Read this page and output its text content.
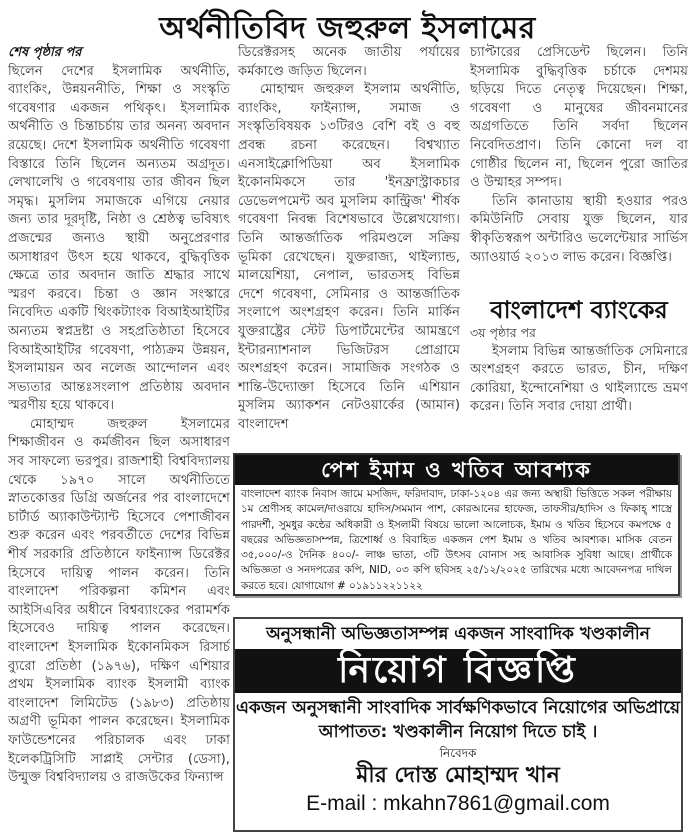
অর্থনীতিবিদ জহুরুল ইসলামের
শেষ পৃষ্ঠার পর

ছিলেন দেশের ইসলামিক অর্থনীতি, ব্যাংকিং, উন্নয়ননীতি, শিক্ষা ও সংস্কৃতি গবেষণার একজন পথিকৃৎ। ইসলামিক অর্থনীতি ও চিন্তাচর্চায় তার অনন্য অবদান রয়েছে। দেশে ইসলামিক অর্থনীতি গবেষণা বিস্তারে তিনি ছিলেন অন্যতম অগ্রদূত। লেখালেখি ও গবেষণায় তার জীবন ছিল সমৃদ্ধ। মুসলিম সমাজকে এগিয়ে নেয়ার জন্য তার দূরদৃষ্টি, নিষ্ঠা ও শ্রেষ্ঠত্ব ভবিষ্যৎ প্রজন্মের জন্যও স্থায়ী অনুপ্রেরণার অসাধারণ উৎস হয়ে থাকবে, বুদ্ধিবৃত্তিক ক্ষেত্রে তার অবদান জাতি শ্রদ্ধার সাথে স্মরণ করবে। চিন্তা ও জ্ঞান সংস্কারে নিবেদিত একটি থিংকট্যাংক বিআইআইটির অন্যতম স্বপ্নদ্রষ্টা ও সহপ্রতিষ্ঠাতা হিসেবে বিআইআইটির গবেষণা, পাঠ্যক্রম উন্নয়ন, ইসলামায়ন অব নলেজ আন্দোলন এবং সভ্যতার আন্তঃসংলাপ প্রতিষ্ঠায় অবদান স্মরণীয় হয়ে থাকবে।

মোহাম্মদ জহুরুল ইসলামের শিক্ষাজীবন ও কর্মজীবন ছিল অসাধারণ সব সাফল্যে ভরপুর। রাজশাহী বিশ্ববিদ্যালয় থেকে ১৯৭০ সালে অর্থনীতিতে স্নাতকোত্তর ডিগ্রি অর্জনের পর বাংলাদেশে চার্টার্ড অ্যাকাউন্ট্যান্ট হিসেবে পেশাজীবন শুরু করেন এবং পরবর্তীতে দেশের বিভিন্ন শীর্ষ সরকারি প্রতিষ্ঠানে ফাইন্যান্স ডিরেক্টর হিসেবে দায়িত্ব পালন করেন। তিনি বাংলাদেশ পরিকল্পনা কমিশন এবং আইসিএবির অধীনে বিশ্বব্যাংকের পরামর্শক হিসেবেও দায়িত্ব পালন করেছেন। বাংলাদেশ ইসলামিক ইকোনমিকস রিসার্চ ব্যুরো প্রতিষ্ঠা (১৯৭৬), দক্ষিণ এশিয়ার প্রথম ইসলামিক ব্যাংক ইসলামী ব্যাংক বাংলাদেশ লিমিটেড (১৯৮৩) প্রতিষ্ঠায় অগ্রণী ভূমিকা পালন করেছেন। ইসলামিক ফাউন্ডেশনের পরিচালক এবং ঢাকা ইলেকট্রিসিটি সাপ্লাই সেন্টার (ডেসা), উন্মুক্ত বিশ্ববিদ্যালয় ও রাজউকের ফিন্যান্স

ডিরেক্টরসহ অনেক জাতীয় পর্যায়ের কর্মকাণ্ডে জড়িত ছিলেন।

মোহাম্মদ জহুরুল ইসলাম অর্থনীতি, ব্যাংকিং, ফাইন্যান্স, সমাজ ও সংস্কৃতিবিষয়ক ১৩টিরও বেশি বই ও বহু প্রবন্ধ রচনা করেছেন। বিশ্বখ্যাত এনসাইক্লোপিডিয়া অব ইসলামিক ইকোনমিকসে তার 'ইনফ্রাস্ট্রাকচার ডেভেলপমেন্ট অব মুসলিম কান্ট্রিজ' শীর্ষক গবেষণা নিবন্ধ বিশেষভাবে উল্লেখযোগ্য। তিনি আন্তর্জাতিক পরিমণ্ডলে সক্রিয় ভূমিকা রেখেছেন। যুক্তরাজ্য, থাইল্যান্ড, মালয়েশিয়া, নেপাল, ভারতসহ বিভিন্ন দেশে গবেষণা, সেমিনার ও আন্তর্জাতিক সংলাপে অংশগ্রহণ করেন। তিনি মার্কিন যুক্তরাষ্ট্রের স্টেট ডিপার্টমেন্টের আমন্ত্রণে ইন্টারন্যাশনাল ভিজিটরস প্রোগ্রামে অংশগ্রহণ করেন। সামাজিক সংগঠক ও শান্তি-উদ্যোক্তা হিসেবে তিনি এশিয়ান মুসলিম অ্যাকশন নেটওয়ার্কের (আমান) বাংলাদেশ

চ্যাপ্টারের প্রেসিডেন্ট ছিলেন। তিনি ইসলামিক বুদ্ধিবৃত্তিক চর্চাকে দেশময় ছড়িয়ে দিতে নেতৃত্ব দিয়েছেন। শিক্ষা, গবেষণা ও মানুষের জীবনমানের অগ্রগতিতে তিনি সর্বদা ছিলেন নিবেদিতপ্রাণ। তিনি কোনো দল বা গোষ্ঠীর ছিলেন না, ছিলেন পুরো জাতির ও উম্মাহর সম্পদ।

তিনি কানাডায় স্থায়ী হওয়ার পরও কমিউনিটি সেবায় যুক্ত ছিলেন, যার স্বীকৃতিস্বরূপ অন্টারিও ভলেন্টেয়ার সার্ভিস অ্যাওয়ার্ড ২০১৩ লাভ করেন। বিজ্ঞপ্তি।

বাংলাদেশ ব্যাংকের
৩য় পৃষ্ঠার পর

ইসলাম বিভিন্ন আন্তর্জাতিক সেমিনারে অংশগ্রহণ করতে ভারত, চীন, দক্ষিণ কোরিয়া, ইন্দোনেশিয়া ও থাইল্যান্ডে ভ্রমণ করেন। তিনি সবার দোয়া প্রার্থী।

পেশ ইমাম ও খতিব আবশ্যক
বাংলাদেশ ব্যাংক নিবাস জামে মসজিদ, ফরিদাবাদ, ঢাকা-১২০৪ এর জন্য অস্থায়ী ভিত্তিতে সকল পরীক্ষায় ১ম শ্রেণীসহ কামেল/দাওরায়ে হাদিস/সমমান পাশ, কোরআনের হাফেজ, তাফসীর/হাদিস ও ফিকাহ্ শাস্ত্রে পারদর্শী, সুমধুর কন্ঠের অধিকারী ও ইসলামী বিষয়ে ভালো আলোচক, ইমাম ও খতিব হিসেবে কমপক্ষে ৫ বছরের অভিজ্ঞতাসম্পন্ন, ত্রিশোর্ধ্ব ও বিবাহিত একজন পেশ ইমাম ও খতিব আবশ্যক। মাসিক বেতন ৩৫,০০০/-ও দৈনিক ৪০০/- লাঞ্চ ভাতা, ৩টি উৎসব বোনাস সহ আবাসিক সুবিধা আছে। প্রার্থীকে অভিজ্ঞতা ও সনদপত্রের কপি, NID, ০৩ কপি ছবিসহ ২৫/১২/২০২৫ তারিখের মধ্যে আবেদনপত্র দাখিল করতে হবে। যোগাযোগ # ০১৯১১২২১১২২
অনুসন্ধানী অভিজ্ঞতাসম্পন্ন একজন সাংবাদিক খণ্ডকালীন
নিয়োগ বিজ্ঞপ্তি
একজন অনুসন্ধানী সাংবাদিক সার্বক্ষণিকভাবে নিয়োগের অভিপ্রায়ে আপাতত: খণ্ডকালীন নিয়োগ দিতে চাই ।
নিবেদক
মীর দোস্ত মোহাম্মদ খান
E-mail : mkahn7861@gmail.com
